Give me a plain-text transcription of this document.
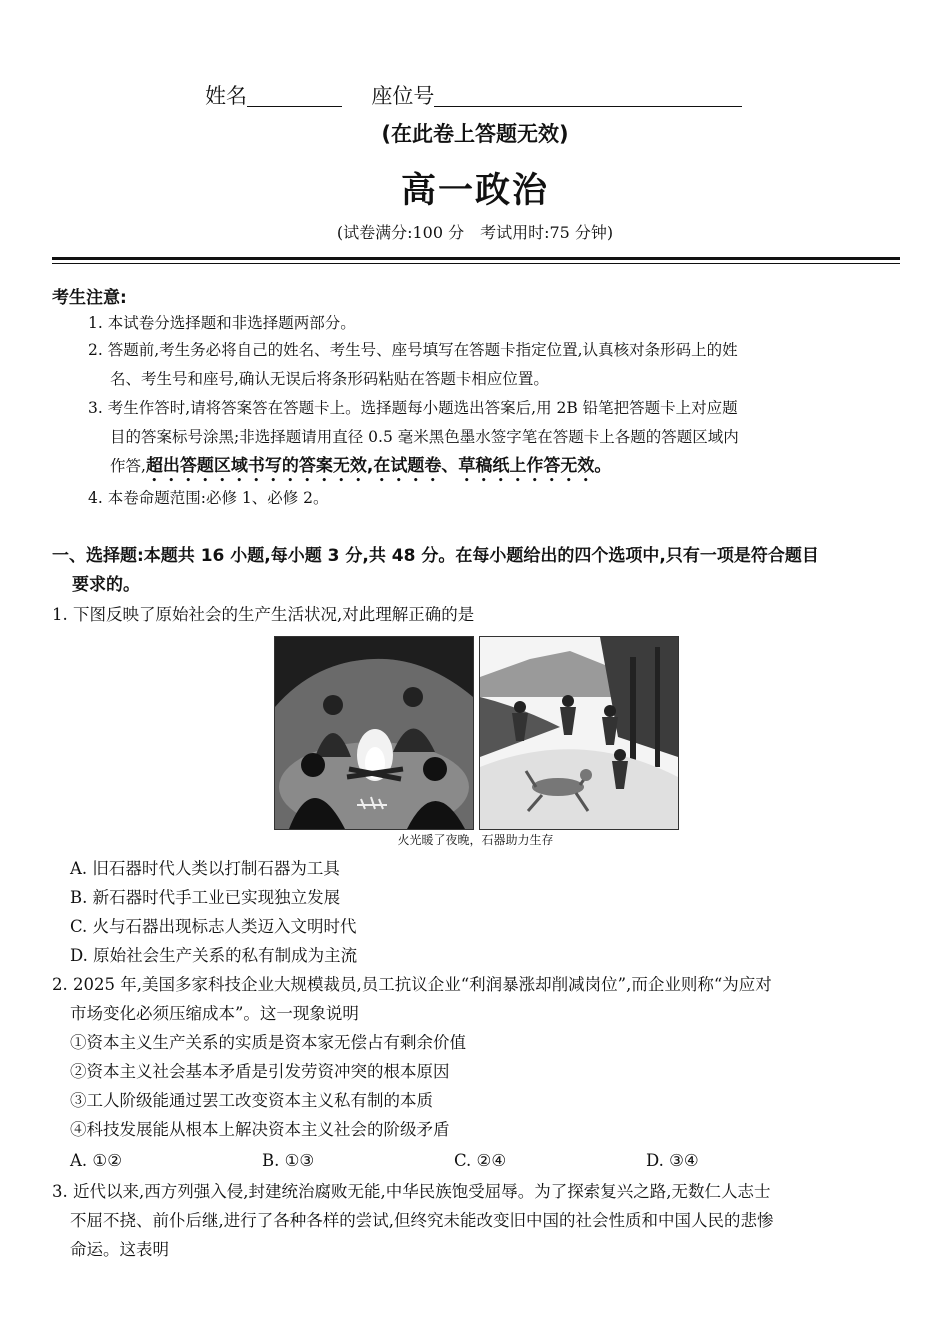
姓名	座位号
(在此卷上答题无效)
高一政治
(试卷满分:100 分　考试用时:75 分钟)
考生注意:
1. 本试卷分选择题和非选择题两部分。
2. 答题前,考生务必将自己的姓名、考生号、座号填写在答题卡指定位置,认真核对条形码上的姓
名、考生号和座号,确认无误后将条形码粘贴在答题卡相应位置。
3. 考生作答时,请将答案答在答题卡上。选择题每小题选出答案后,用 2B 铅笔把答题卡上对应题
目的答案标号涂黑;非选择题请用直径 0.5 毫米黑色墨水签字笔在答题卡上各题的答题区域内
作答,超出答题区域书写的答案无效,在试题卷、草稿纸上作答无效。
4. 本卷命题范围:必修 1、必修 2。
一、选择题:本题共 16 小题,每小题 3 分,共 48 分。在每小题给出的四个选项中,只有一项是符合题目
要求的。
1. 下图反映了原始社会的生产生活状况,对此理解正确的是
火光暖了夜晚，石器助力生存
A. 旧石器时代人类以打制石器为工具
B. 新石器时代手工业已实现独立发展
C. 火与石器出现标志人类迈入文明时代
D. 原始社会生产关系的私有制成为主流
2. 2025 年,美国多家科技企业大规模裁员,员工抗议企业“利润暴涨却削减岗位”,而企业则称“为应对
市场变化必须压缩成本”。这一现象说明
①资本主义生产关系的实质是资本家无偿占有剩余价值
②资本主义社会基本矛盾是引发劳资冲突的根本原因
③工人阶级能通过罢工改变资本主义私有制的本质
④科技发展能从根本上解决资本主义社会的阶级矛盾
A. ①②	B. ①③	C. ②④	D. ③④
3. 近代以来,西方列强入侵,封建统治腐败无能,中华民族饱受屈辱。为了探索复兴之路,无数仁人志士
不屈不挠、前仆后继,进行了各种各样的尝试,但终究未能改变旧中国的社会性质和中国人民的悲惨
命运。这表明
